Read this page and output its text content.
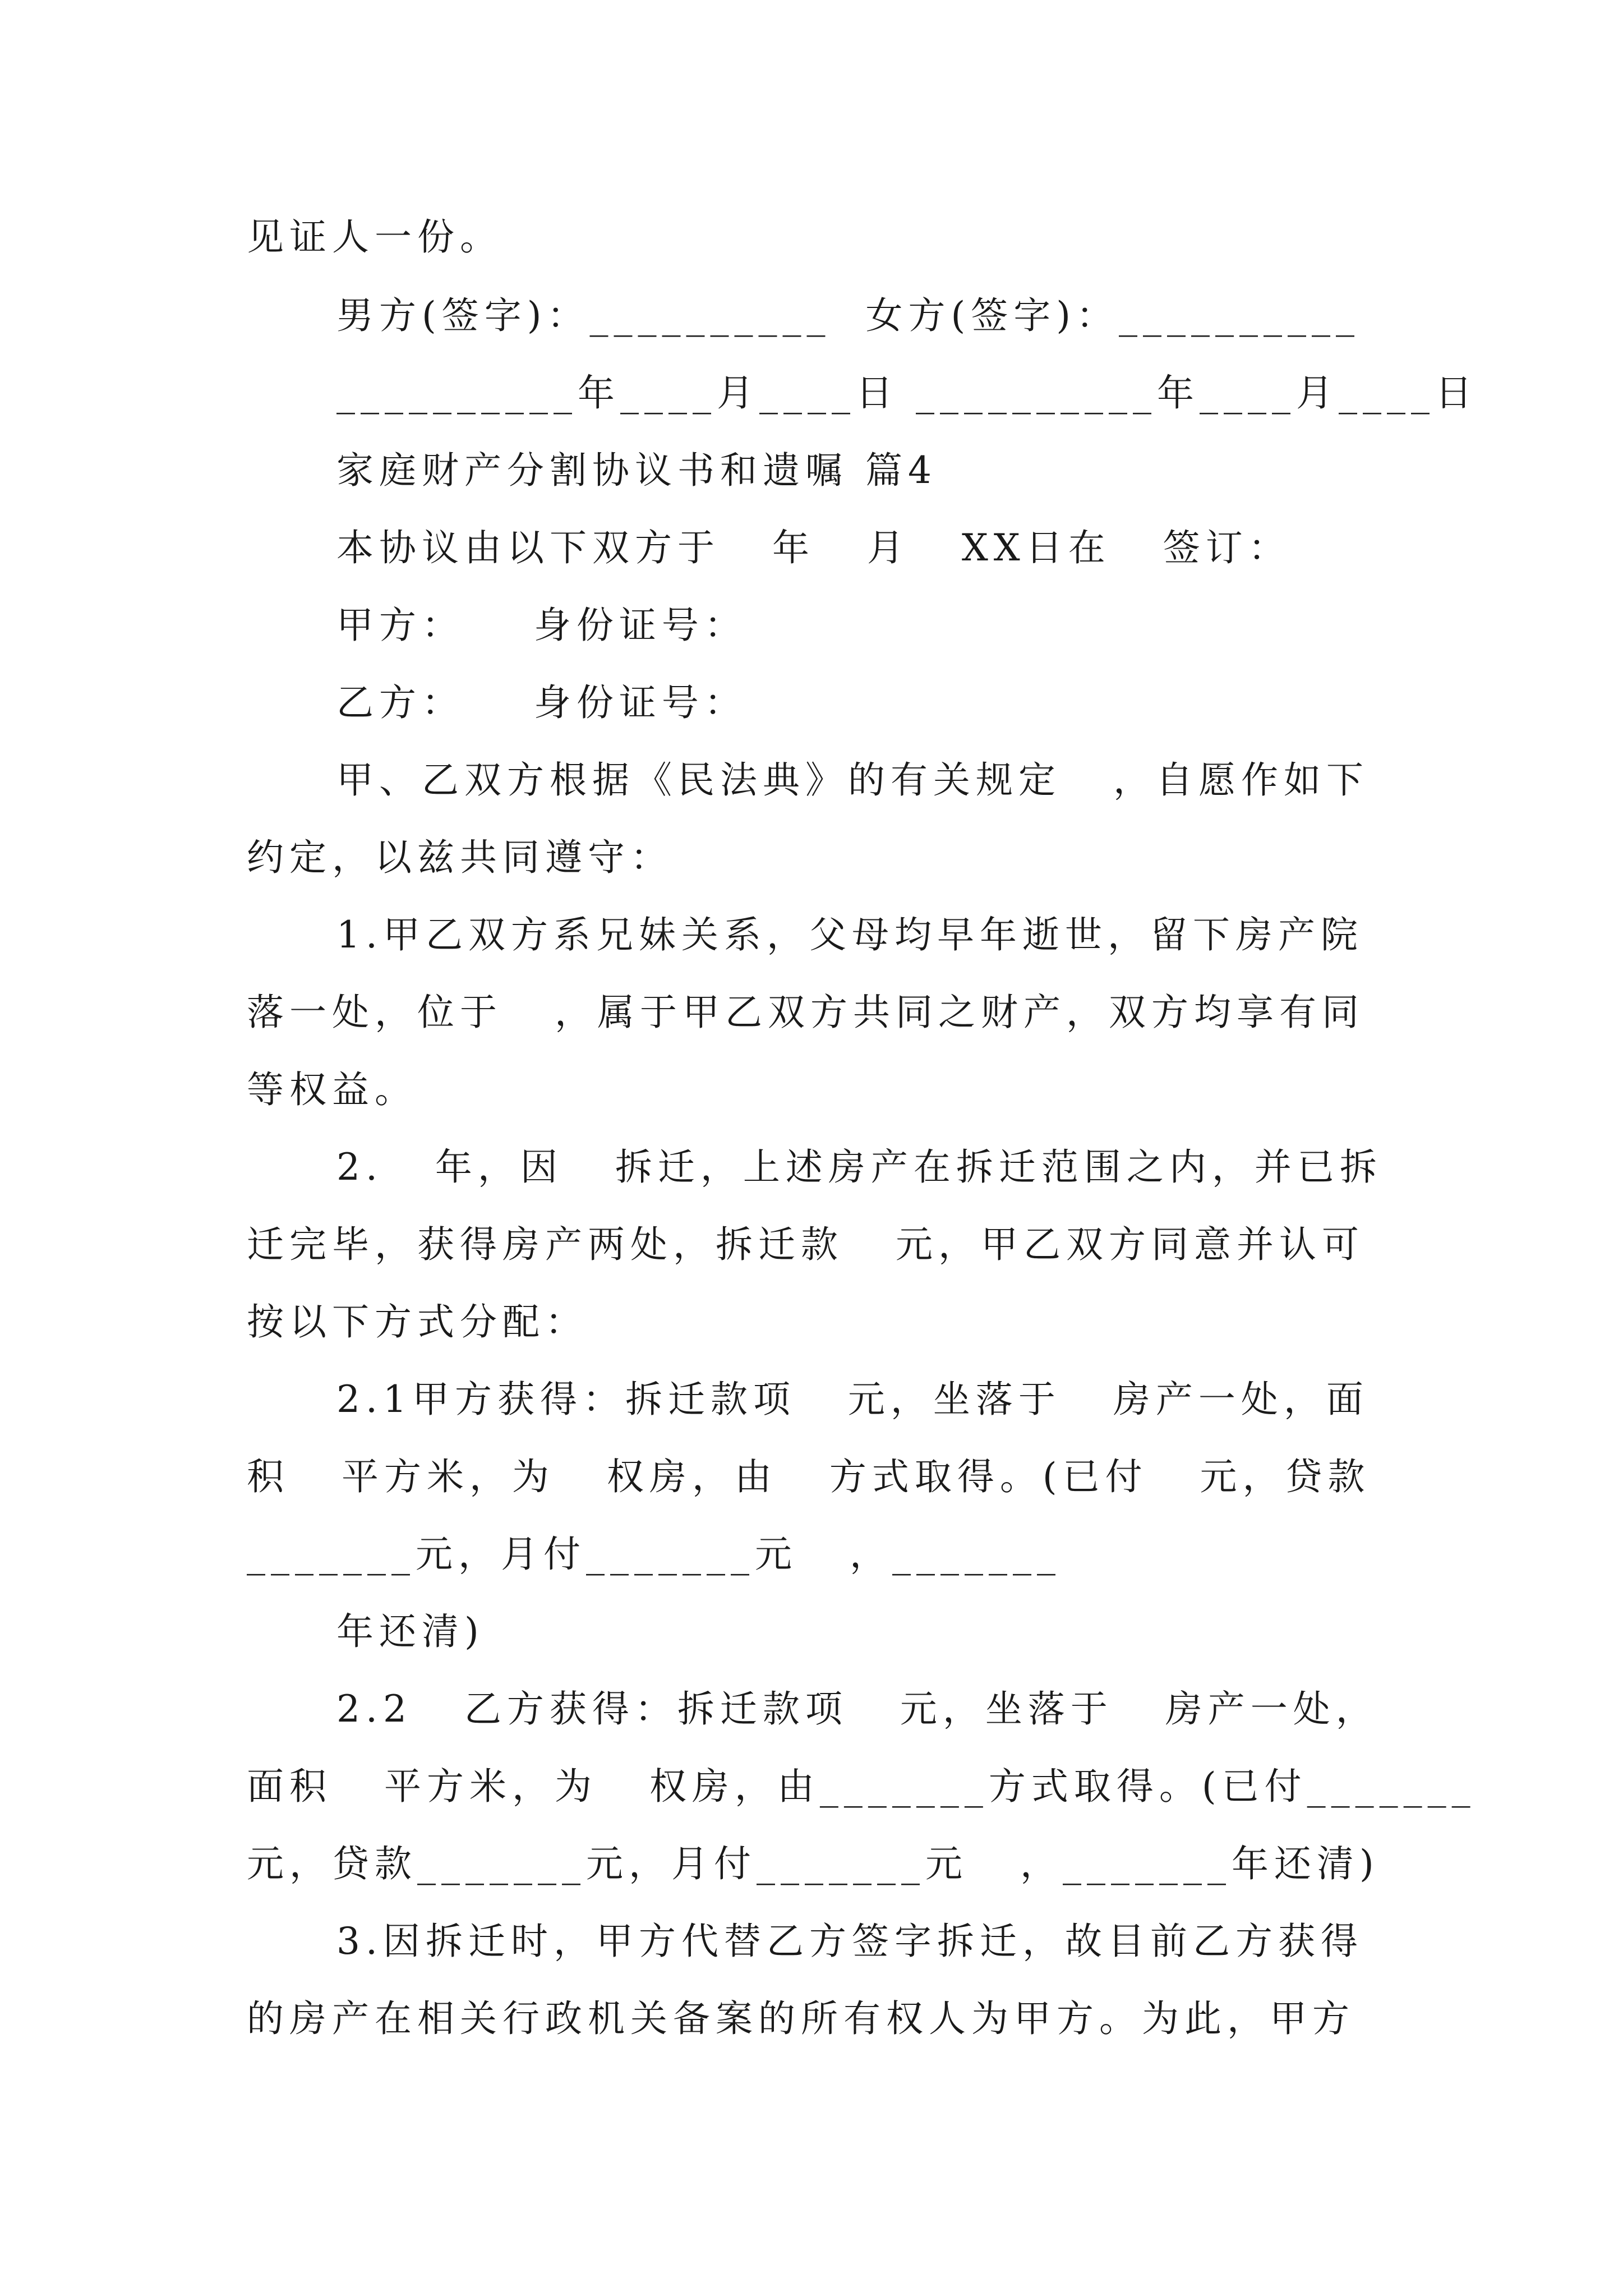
见证人一份。
男方(签字)：__________  女方(签字)：__________
__________年____月____日 __________年____月____日
家庭财产分割协议书和遗嘱 篇4
本协议由以下双方于   年   月   XX日在   签订：
甲方：    身份证号：
乙方：    身份证号：
甲、乙双方根据《民法典》的有关规定   ，自愿作如下
约定，以兹共同遵守：
1.甲乙双方系兄妹关系，父母均早年逝世，留下房产院
落一处，位于   ，属于甲乙双方共同之财产，双方均享有同
等权益。
2.   年，因   拆迁，上述房产在拆迁范围之内，并已拆
迁完毕，获得房产两处，拆迁款   元，甲乙双方同意并认可
按以下方式分配：
2.1甲方获得：拆迁款项   元，坐落于   房产一处，面
积   平方米，为   权房，由   方式取得。(已付   元，贷款
_______元，月付_______元   ，_______
年还清)
2.2   乙方获得：拆迁款项   元，坐落于   房产一处，
面积   平方米，为   权房，由_______方式取得。(已付_______
元，贷款_______元，月付_______元   ，_______年还清)
3.因拆迁时，甲方代替乙方签字拆迁，故目前乙方获得
的房产在相关行政机关备案的所有权人为甲方。为此，甲方
